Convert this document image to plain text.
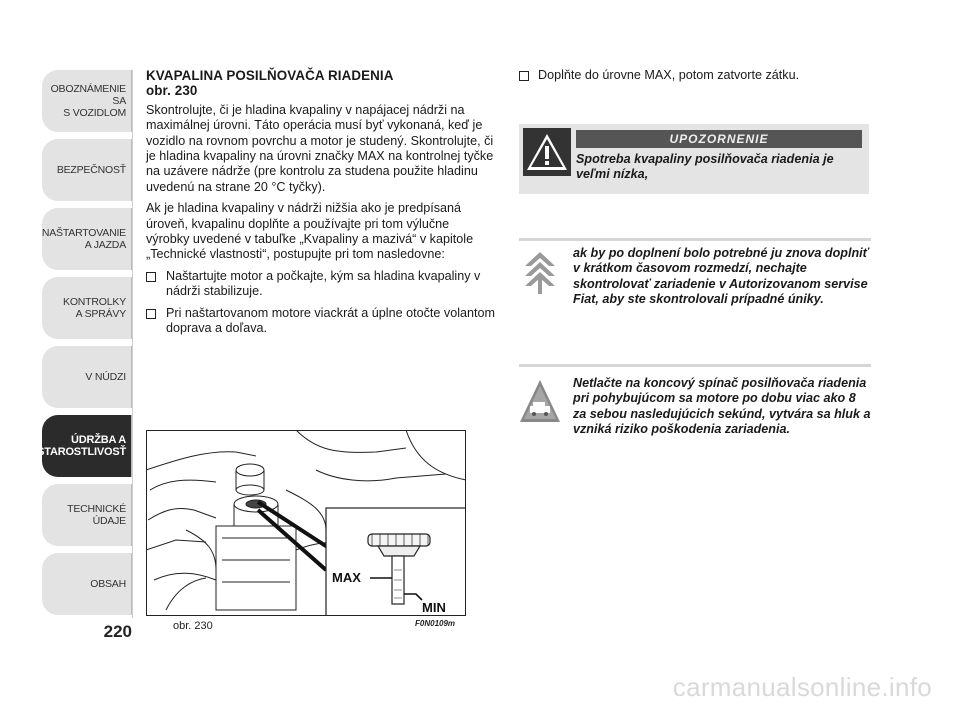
OBOZNÁMENIE SA
S VOZIDLOM
BEZPEČNOSŤ
NAŠTARTOVANIE
A JAZDA
KONTROLKY
A SPRÁVY
V NÚDZI
ÚDRŽBA A
STAROSTLIVOSŤ
TECHNICKÉ
ÚDAJE
OBSAH
220
KVAPALINA POSILŇOVAČA RIADENIA
obr. 230

Skontrolujte, či je hladina kvapaliny v napájacej nádrži na maximálnej úrovni. Táto operácia musí byť vykonaná, keď je vozidlo na rovnom povrchu a motor je studený. Skontrolujte, či je hladina kvapaliny na úrovni značky MAX na kontrolnej tyčke na uzávere nádrže (pre kontrolu za studena použite hladinu uvedenú na strane 20 °C tyčky).

Ak je hladina kvapaliny v nádrži nižšia ako je predpísaná úroveň, kvapalinu doplňte a používajte pri tom výlučne výrobky uvedené v tabuľke „Kvapaliny a mazivá“ v kapitole „Technické vlastnosti“, postupujte pri tom nasledovne:

Naštartujte motor a počkajte, kým sa hladina kvapaliny v nádrži stabilizuje.
Pri naštartovanom motore viackrát a úplne otočte volantom doprava a doľava.
MAX
MIN
obr. 230	F0N0109m
Doplňte do úrovne MAX, potom zatvorte zátku.
UPOZORNENIE
Spotreba kvapaliny posilňovača riadenia je veľmi nízka,

ak by po doplnení bolo potrebné ju znova doplniť v krátkom časovom rozmedzí, nechajte skontrolovať zariadenie v Autorizovanom servise Fiat, aby ste skontrolovali prípadné úniky.

Netlačte na koncový spínač posilňovača riadenia pri pohybujúcom sa motore po dobu viac ako 8 za sebou nasledujúcich sekúnd, vytvára sa hluk a vzniká riziko poškodenia zariadenia.

carmanualsonline.info
